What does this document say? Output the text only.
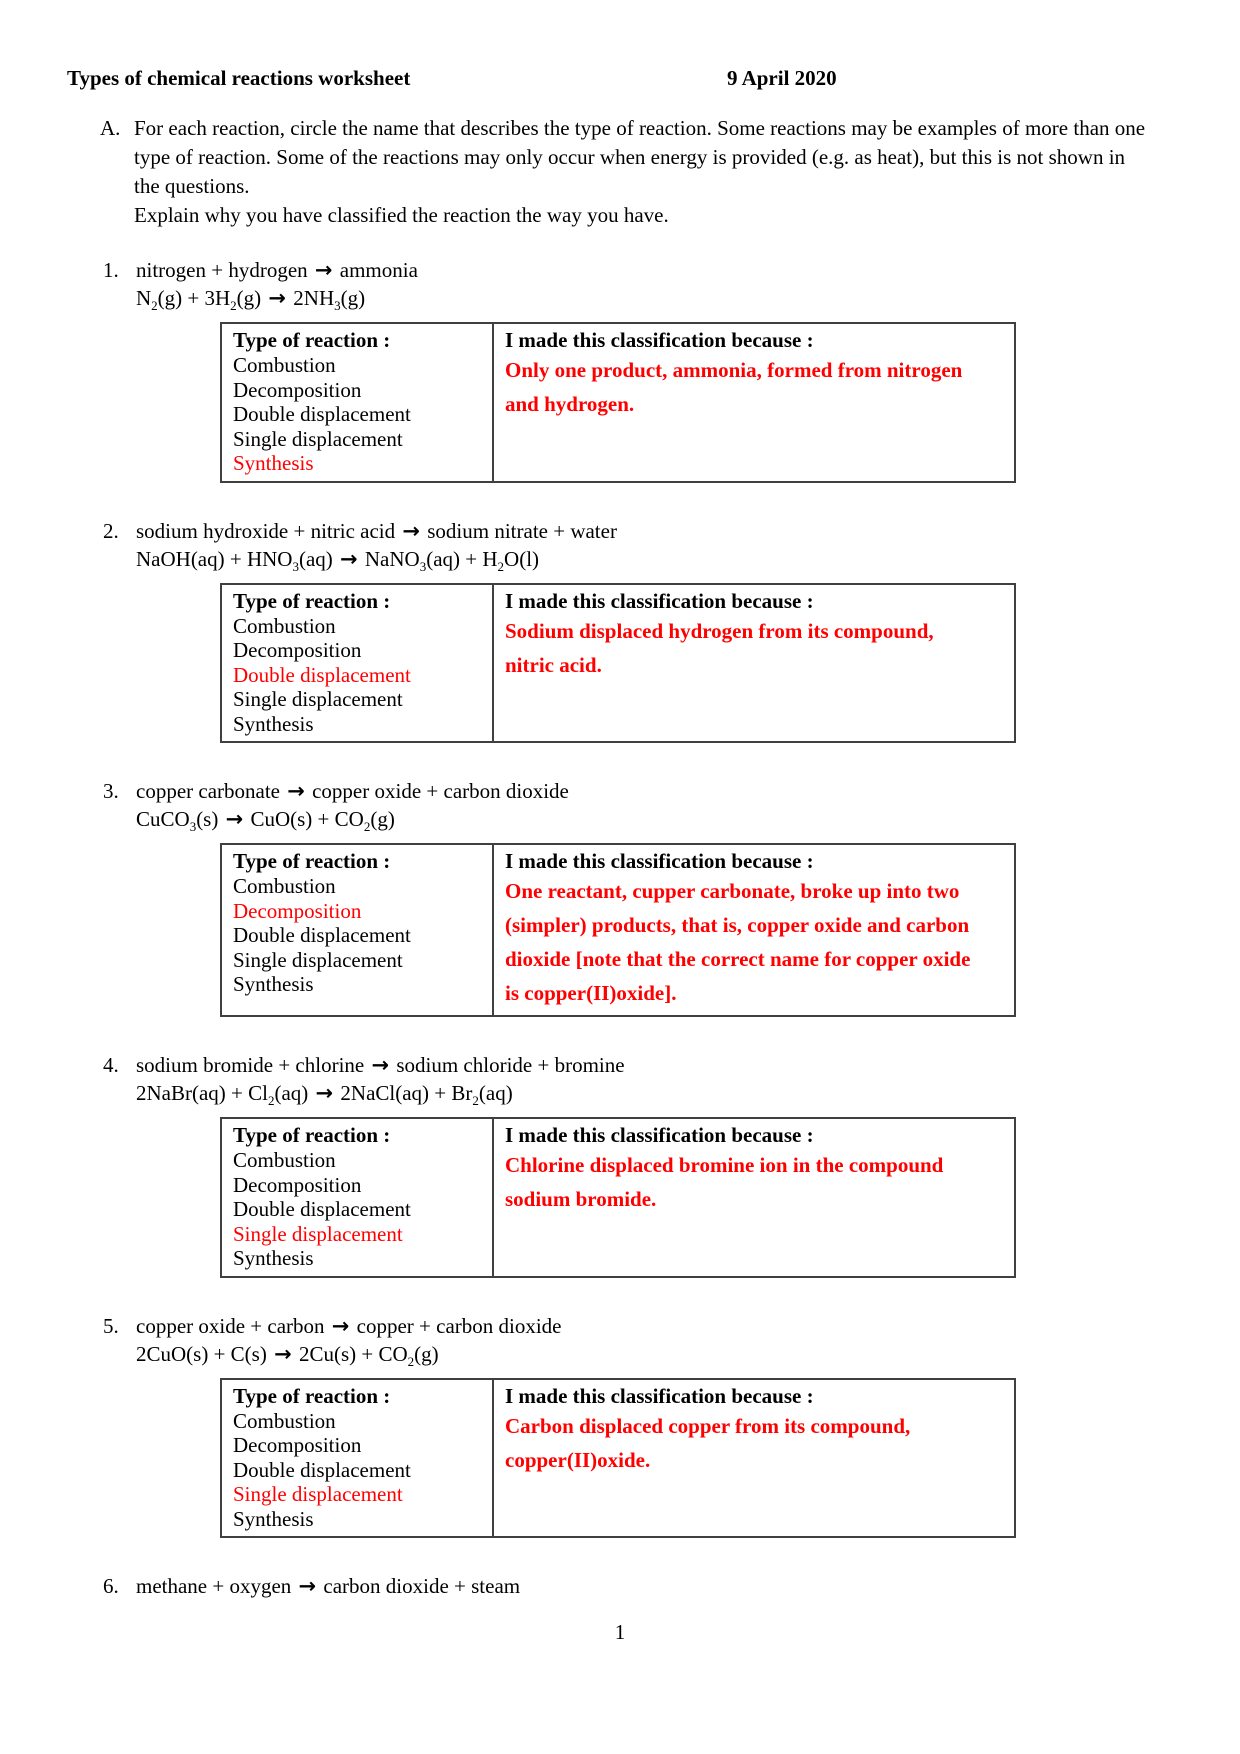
Types of chemical reactions worksheet	9 April 2020
A. For each reaction, circle the name that describes the type of reaction. Some reactions may be examples of more than one type of reaction. Some of the reactions may only occur when energy is provided (e.g. as heat), but this is not shown in the questions.

Explain why you have classified the reaction the way you have.

1. nitrogen + hydrogen → ammonia
$N_2(g) + 3H_2(g) \to 2NH_3(g)$
Type of reaction :
Combustion
Decomposition
Double displacement
Single displacement
Synthesis

I made this classification because :
Only one product, ammonia, formed from nitrogen
and hydrogen.
2. sodium hydroxide + nitric acid → sodium nitrate + water
NaOH(aq) + $HNO_3(aq)$ → NaNO$_3$(aq) + $H_2O(l)$
Type of reaction :
Combustion
Decomposition
Double displacement
Single displacement
Synthesis

I made this classification because :
Sodium displaced hydrogen from its compound,
nitric acid.
3. copper carbonate → copper oxide + carbon dioxide
CuCO$_3$(s) → $CuO(s) + CO_2(g)$
Type of reaction :
Combustion
Decomposition
Double displacement
Single displacement
Synthesis

I made this classification because :
One reactant, cupper carbonate, broke up into two
(simpler) products, that is, copper oxide and carbon
dioxide [note that the correct name for copper oxide
is copper(II)oxide].
4. sodium bromide + chlorine → sodium chloride + bromine
2NaBr(aq) + $Cl_2(aq)$ → 2NaCl(aq) + $Br_2(aq)$
Type of reaction :
Combustion
Decomposition
Double displacement
Single displacement
Synthesis

I made this classification because :
Chlorine displaced bromine ion in the compound
sodium bromide.
5. copper oxide + carbon → copper + carbon dioxide
$2CuO(s) + C(s) \to 2Cu(s) + CO_2(g)$
Type of reaction :
Combustion
Decomposition
Double displacement
Single displacement
Synthesis

I made this classification because :
Carbon displaced copper from its compound,
copper(II)oxide.
6. methane + oxygen → carbon dioxide + steam
1
